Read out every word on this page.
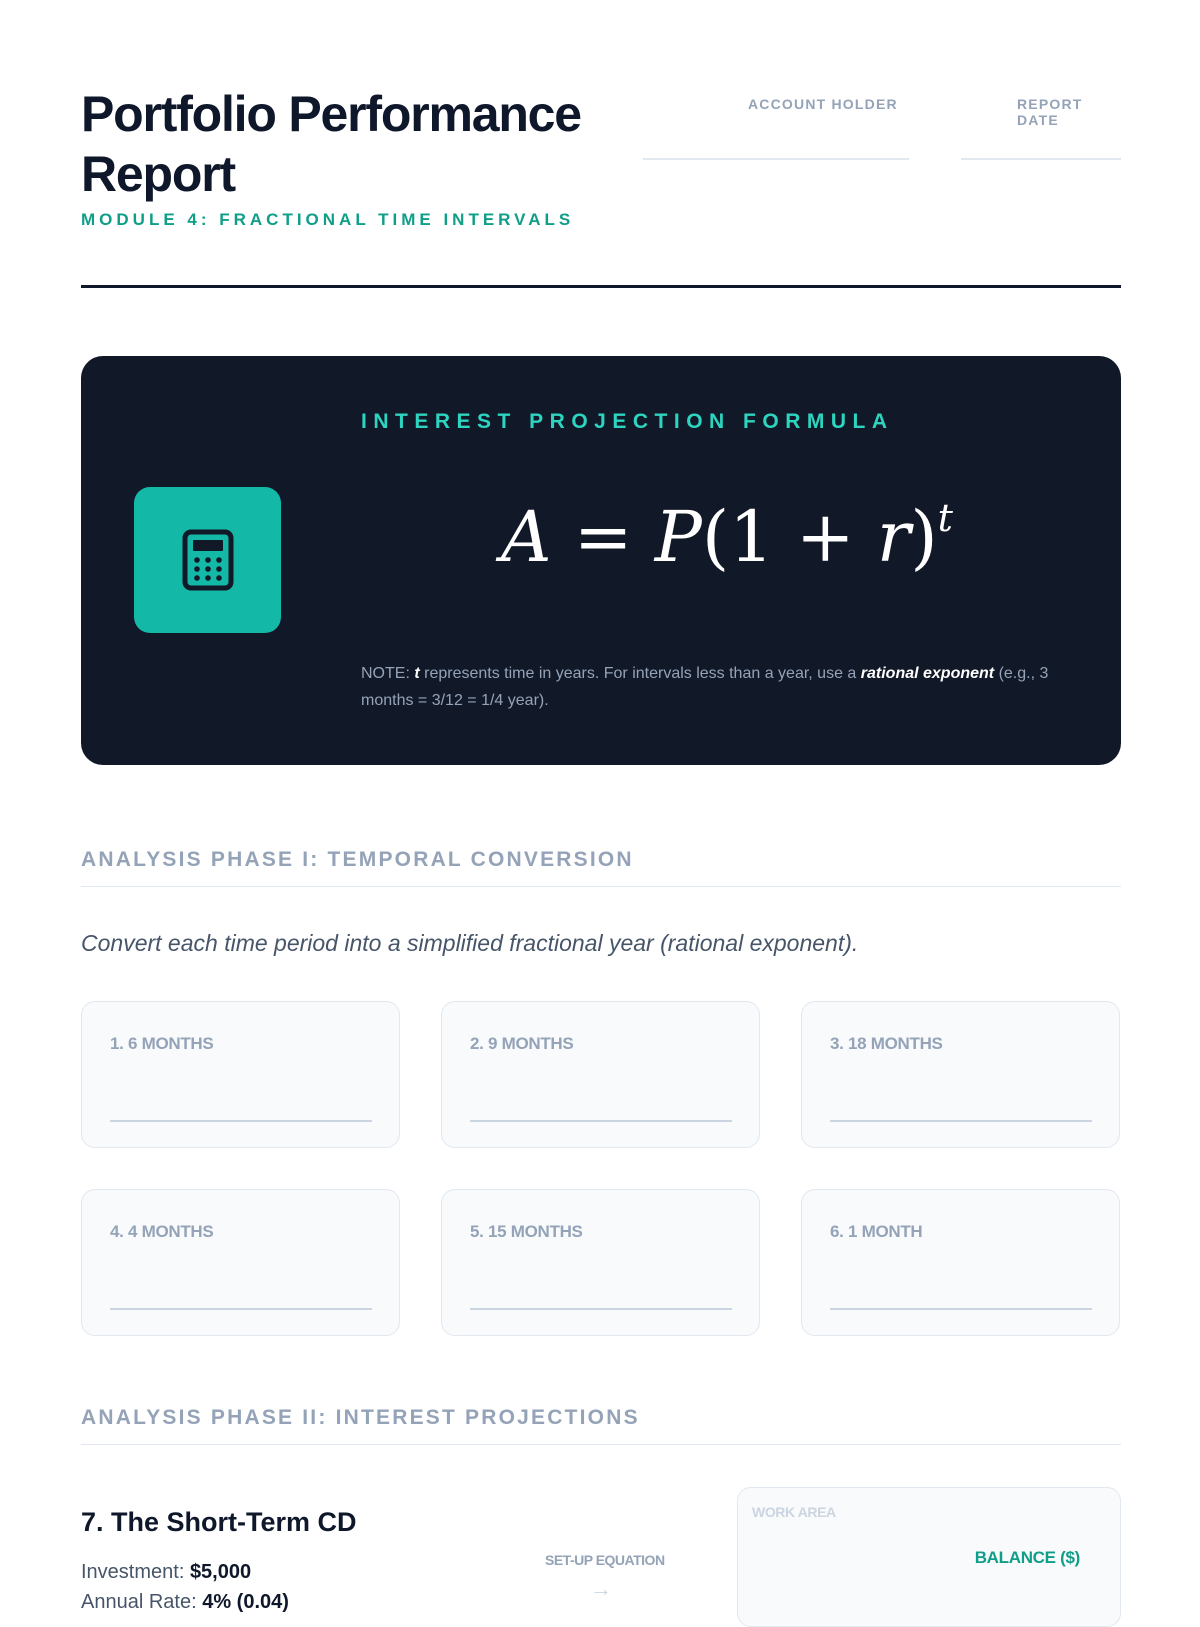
Portfolio Performance Report
MODULE 4: FRACTIONAL TIME INTERVALS
ACCOUNT HOLDER	REPORT DATE
INTEREST PROJECTION FORMULA
$A = P(1 + r)^t$
NOTE: t represents time in years. For intervals less than a year, use a rational exponent (e.g., 3 months = 3/12 = 1/4 year).
ANALYSIS PHASE I: TEMPORAL CONVERSION
Convert each time period into a simplified fractional year (rational exponent).
1. 6 MONTHS	2. 9 MONTHS	3. 18 MONTHS
4. 4 MONTHS	5. 15 MONTHS	6. 1 MONTH
ANALYSIS PHASE II: INTEREST PROJECTIONS
7. The Short-Term CD
Investment: $5,000
Annual Rate: 4% (0.04)
SET-UP EQUATION
→
WORK AREA
BALANCE ($)
